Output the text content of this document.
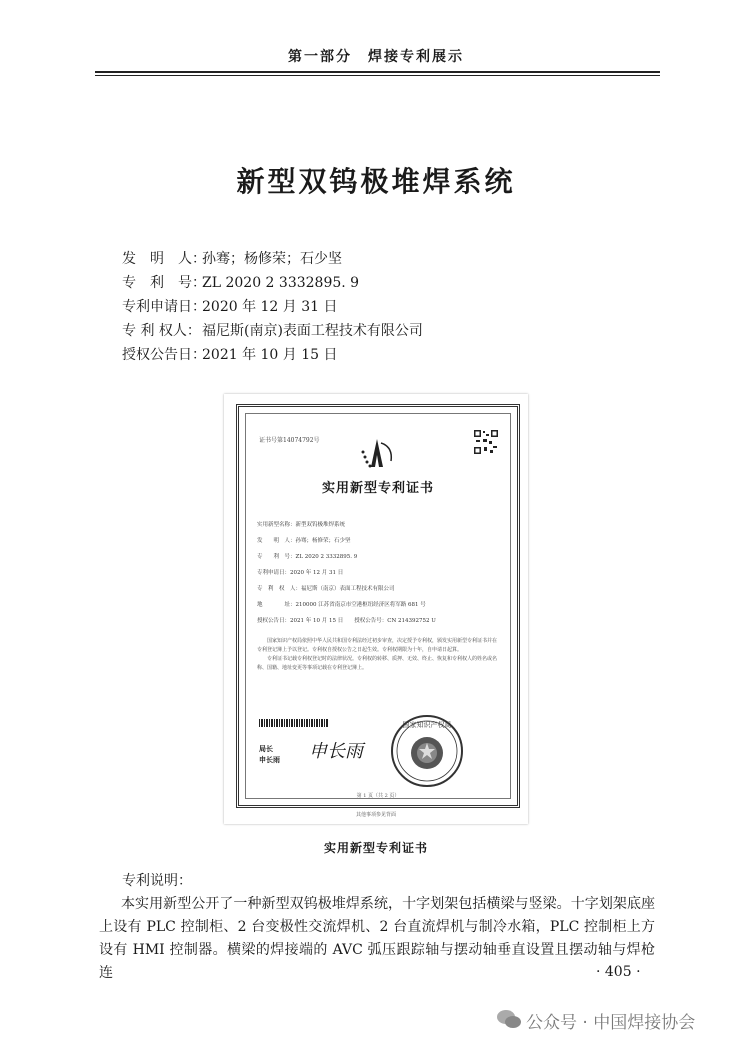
第一部分　焊接专利展示
新型双钨极堆焊系统
发　明　人：孙骞；杨修荣；石少坚
专　利　号：ZL 2020 2 3332895. 9
专利申请日：2020 年 12 月 31 日
专 利 权人：福尼斯(南京)表面工程技术有限公司
授权公告日：2021 年 10 月 15 日
证书号第14074792号
实用新型专利证书
实用新型名称：新型双钨极堆焊系统
发　　明　人：孙骞；杨修荣；石少坚
专　　利　号：ZL 2020 2 3332895. 9
专利申请日：2020 年 12 月 31 日
专　利　权　人：福尼斯（南京）表面工程技术有限公司
地　　　　址：210000 江苏省南京市空港枢纽经济区将军路 681 号
授权公告日：2021 年 10 月 15 日　　授权公告号：CN 214392752 U
国家知识产权局依照中华人民共和国专利法经过初步审查，决定授予专利权，颁发实用新型专利证书并在专利登记簿上予以登记。专利权自授权公告之日起生效。专利权期限为十年，自申请日起算。
专利证书记载专利权登记时的法律状况。专利权的转移、质押、无效、终止、恢复和专利权人的姓名或名称、国籍、地址变更等事项记载在专利登记簿上。
局长
申长雨 申长雨
国家知识产权局
第 1 页（共 2 页）
其他事项参见背面
实用新型专利证书
专利说明：
本实用新型公开了一种新型双钨极堆焊系统，十字划架包括横梁与竖梁。十字划架底座上设有 PLC 控制柜、2 台变极性交流焊机、2 台直流焊机与制冷水箱，PLC 控制柜上方设有 HMI 控制器。横梁的焊接端的 AVC 弧压跟踪轴与摆动轴垂直设置且摆动轴与焊枪连	· 405 ·
公众号 · 中国焊接协会
